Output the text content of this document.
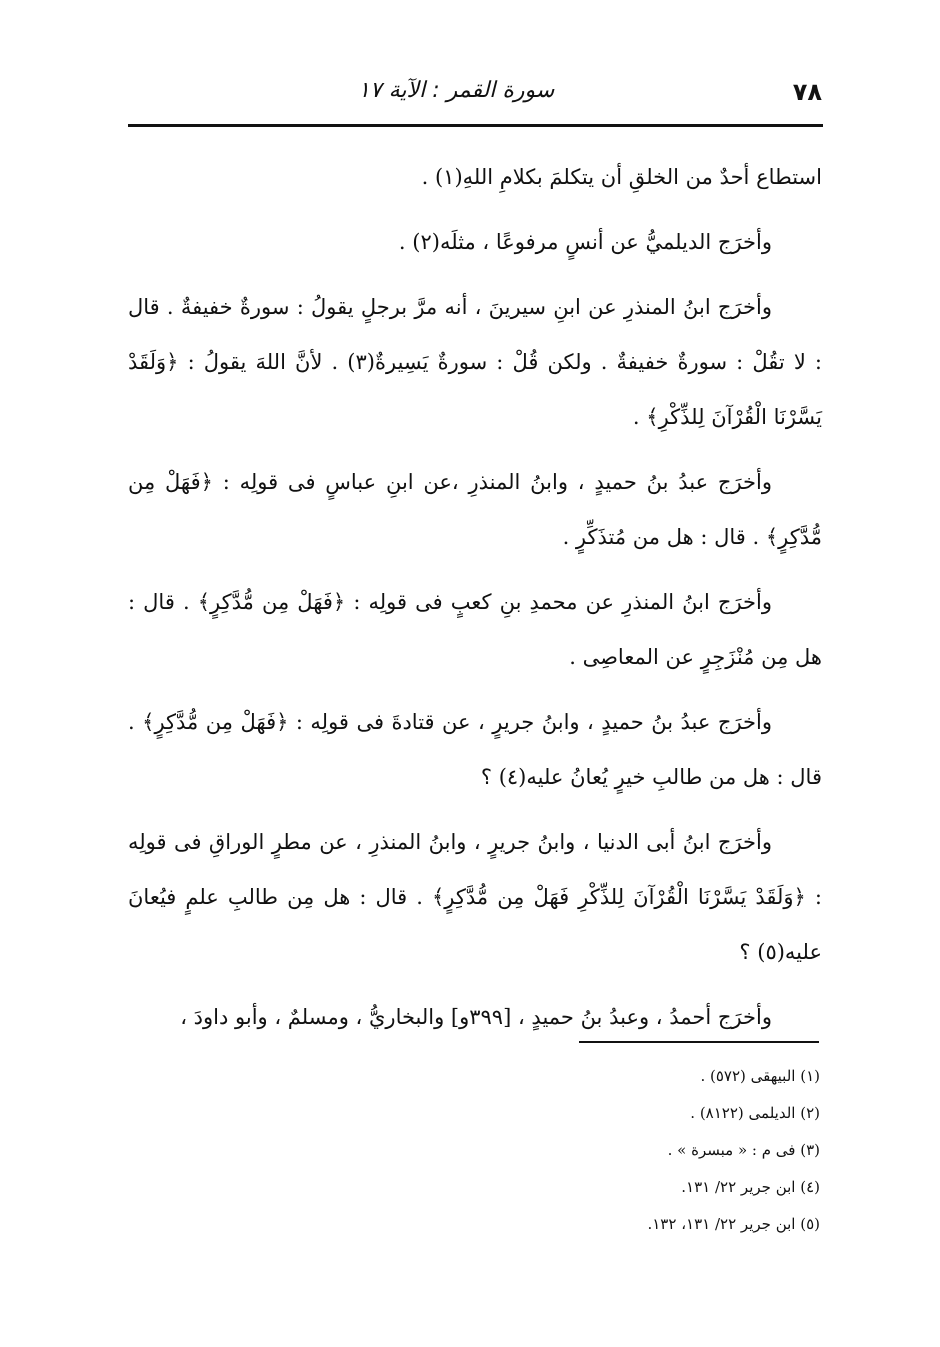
٧٨
سورة القمر : الآية ١٧

استطاع أحدٌ من الخلقِ أن يتكلمَ بكلامِ اللهِ(١) .

وأخرَج الديلميُّ عن أنسٍ مرفوعًا ، مثلَه(٢) .

وأخرَج ابنُ المنذرِ عن ابنِ سيرينَ ، أنه مرَّ برجلٍ يقولُ : سورةٌ خفيفةٌ . قال : لا تقُلْ : سورةٌ خفيفةٌ . ولكن قُلْ : سورةٌ يَسِيرةٌ(٣) . لأنَّ اللهَ يقولُ : ﴿وَلَقَدْ يَسَّرْنَا الْقُرْآنَ لِلذِّكْرِ﴾ .

وأخرَج عبدُ بنُ حميدٍ ، وابنُ المنذرِ ،عن ابنِ عباسٍ فى قولِه : ﴿فَهَلْ مِن مُّدَّكِرٍ﴾ . قال : هل من مُتذَكِّرٍ .

وأخرَج ابنُ المنذرِ عن محمدِ بنِ كعبٍ فى قولِه : ﴿فَهَلْ مِن مُّدَّكِرٍ﴾ . قال : هل مِن مُنْزَجِرٍ عن المعاصِى .

وأخرَج عبدُ بنُ حميدٍ ، وابنُ جريرٍ ، عن قتادةَ فى قولِه : ﴿فَهَلْ مِن مُّدَّكِرٍ﴾ . قال : هل من طالبِ خيرٍ يُعانُ عليه(٤) ؟

وأخرَج ابنُ أبى الدنيا ، وابنُ جريرٍ ، وابنُ المنذرِ ، عن مطرٍ الوراقِ فى قولِه : ﴿وَلَقَدْ يَسَّرْنَا الْقُرْآنَ لِلذِّكْرِ فَهَلْ مِن مُّدَّكِرٍ﴾ . قال : هل مِن طالبِ علمٍ فيُعانَ عليه(٥) ؟

وأخرَج أحمدُ ، وعبدُ بنُ حميدٍ ، [٣٩٩و] والبخاريُّ ، ومسلمٌ ، وأبو داودَ ،

(١) البيهقى (٥٧٢) .

(٢) الديلمى (٨١٢٢) .

(٣) فى م : « مبسرة » .

(٤) ابن جرير ٢٢/ ١٣١.

(٥) ابن جرير ٢٢/ ١٣١، ١٣٢.
